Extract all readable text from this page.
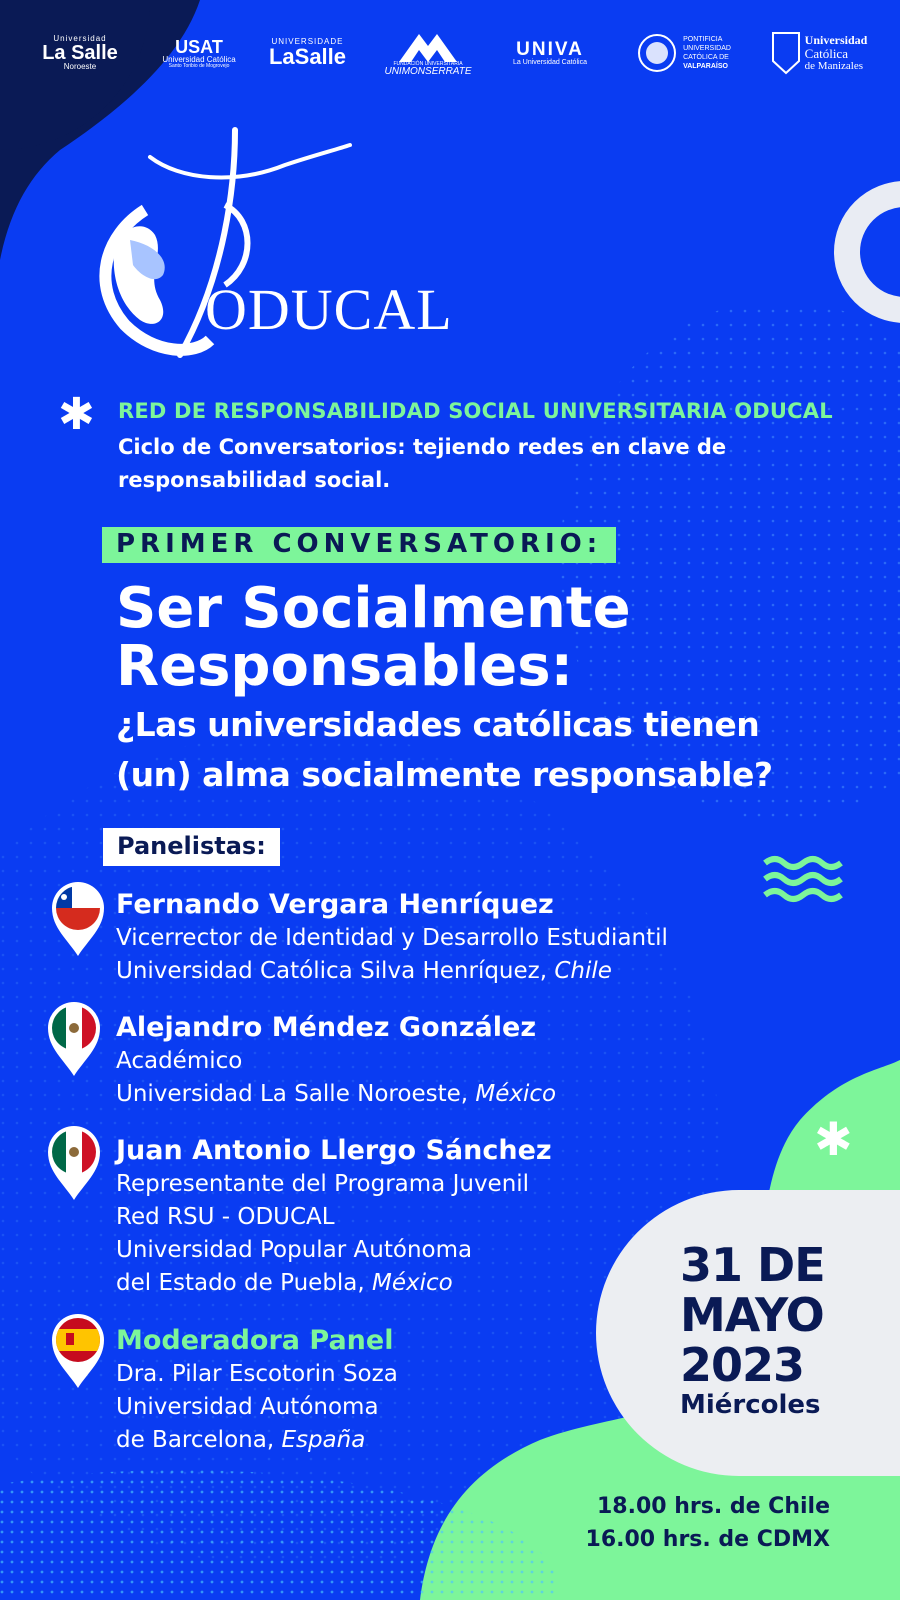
Universidad
La Salle
Noroeste
USAT
Universidad Católica
Santo Toribio de Mogrovejo
UNIVERSIDADE
LaSalle	FUNDACIÓN UNIVERSITARIA
UNIMONSERRATE
UNIVA
La Universidad Católica
PONTIFICIA
UNIVERSIDAD
CATÓLICA DE
VALPARAÍSO
Universidad
Católica
de Manizales
ODUCAL
✱ RED DE RESPONSABILIDAD SOCIAL UNIVERSITARIA ODUCAL
Ciclo de Conversatorios: tejiendo redes en clave de
responsabilidad social.
PRIMER CONVERSATORIO:
Ser Socialmente
Responsables:
¿Las universidades católicas tienen
(un) alma socialmente responsable?
Panelistas:
Fernando Vergara Henríquez
Vicerrector de Identidad y Desarrollo Estudiantil
Universidad Católica Silva Henríquez, Chile
Alejandro Méndez González
Académico
Universidad La Salle Noroeste, México
Juan Antonio Llergo Sánchez
Representante del Programa Juvenil
Red RSU - ODUCAL
Universidad Popular Autónoma
del Estado de Puebla, México
Moderadora Panel
Dra. Pilar Escotorin Soza
Universidad Autónoma
de Barcelona, España
✱
31 DE
MAYO
2023
Miércoles
18.00 hrs. de Chile
16.00 hrs. de CDMX
